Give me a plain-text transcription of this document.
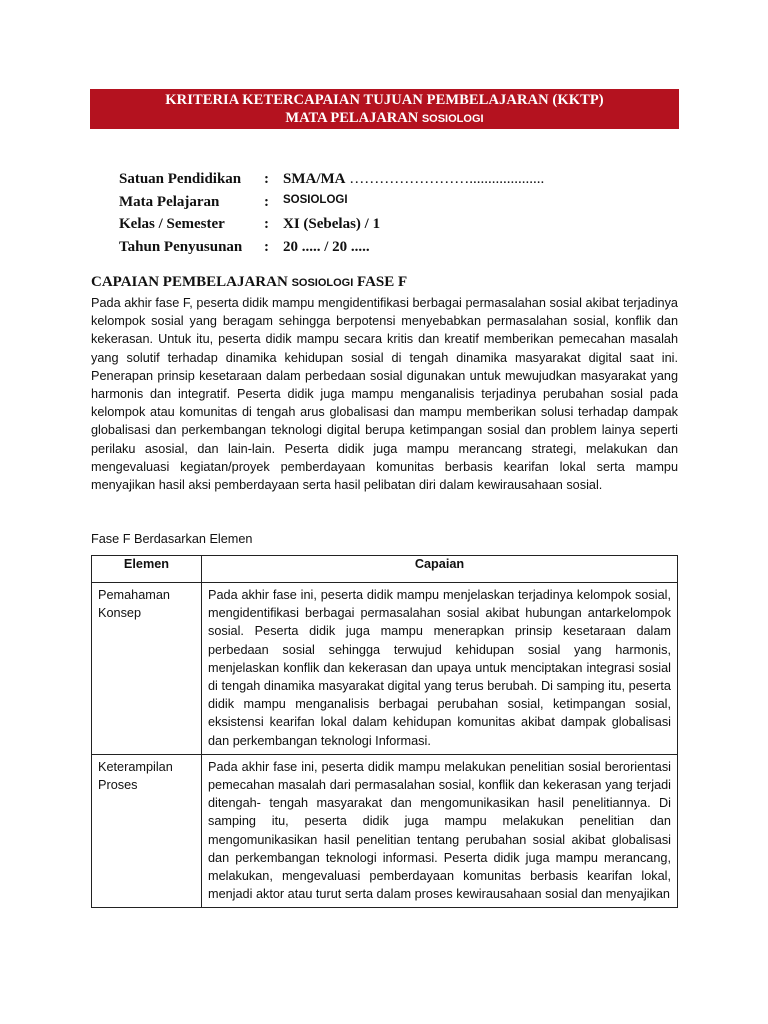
KRITERIA KETERCAPAIAN TUJUAN PEMBELAJARAN (KKTP)
MATA PELAJARAN SOSIOLOGI
Satuan Pendidikan : SMA/MA ……………………....................
Mata Pelajaran	: SOSIOLOGI
Kelas / Semester	: XI (Sebelas) / 1
Tahun Penyusunan : 20 ..... / 20 .....
CAPAIAN PEMBELAJARAN SOSIOLOGI FASE F
Pada akhir fase F, peserta didik mampu mengidentifikasi berbagai permasalahan sosial akibat terjadinya kelompok sosial yang beragam sehingga berpotensi menyebabkan permasalahan sosial, konflik dan kekerasan. Untuk itu, peserta didik mampu secara kritis dan kreatif memberikan pemecahan masalah yang solutif terhadap dinamika kehidupan sosial di tengah dinamika masyarakat digital saat ini. Penerapan prinsip kesetaraan dalam perbedaan sosial digunakan untuk mewujudkan masyarakat yang harmonis dan integratif. Peserta didik juga mampu menganalisis terjadinya perubahan sosial pada kelompok atau komunitas di tengah arus globalisasi dan mampu memberikan solusi terhadap dampak globalisasi dan perkembangan teknologi digital berupa ketimpangan sosial dan problem lainya seperti perilaku asosial, dan lain-lain. Peserta didik juga mampu merancang strategi, melakukan dan mengevaluasi kegiatan/proyek pemberdayaan komunitas berbasis kearifan lokal serta mampu menyajikan hasil aksi pemberdayaan serta hasil pelibatan diri dalam kewirausahaan sosial.
Fase F Berdasarkan Elemen
Elemen	Capaian
Pemahaman Konsep	Pada akhir fase ini, peserta didik mampu menjelaskan terjadinya kelompok sosial, mengidentifikasi berbagai permasalahan sosial akibat hubungan antarkelompok sosial. Peserta didik juga mampu menerapkan prinsip kesetaraan dalam perbedaan sosial sehingga terwujud kehidupan sosial yang harmonis, menjelaskan konflik dan kekerasan dan upaya untuk menciptakan integrasi sosial di tengah dinamika masyarakat digital yang terus berubah. Di samping itu, peserta didik mampu menganalisis berbagai perubahan sosial, ketimpangan sosial, eksistensi kearifan lokal dalam kehidupan komunitas akibat dampak globalisasi dan perkembangan teknologi Informasi.
Keterampilan Proses	Pada akhir fase ini, peserta didik mampu melakukan penelitian sosial berorientasi pemecahan masalah dari permasalahan sosial, konflik dan kekerasan yang terjadi ditengah- tengah masyarakat dan mengomunikasikan hasil penelitiannya. Di samping itu, peserta didik juga mampu melakukan penelitian dan mengomunikasikan hasil penelitian tentang perubahan sosial akibat globalisasi dan perkembangan teknologi informasi. Peserta didik juga mampu merancang, melakukan, mengevaluasi pemberdayaan komunitas berbasis kearifan lokal, menjadi aktor atau turut serta dalam proses kewirausahaan sosial dan menyajikan
